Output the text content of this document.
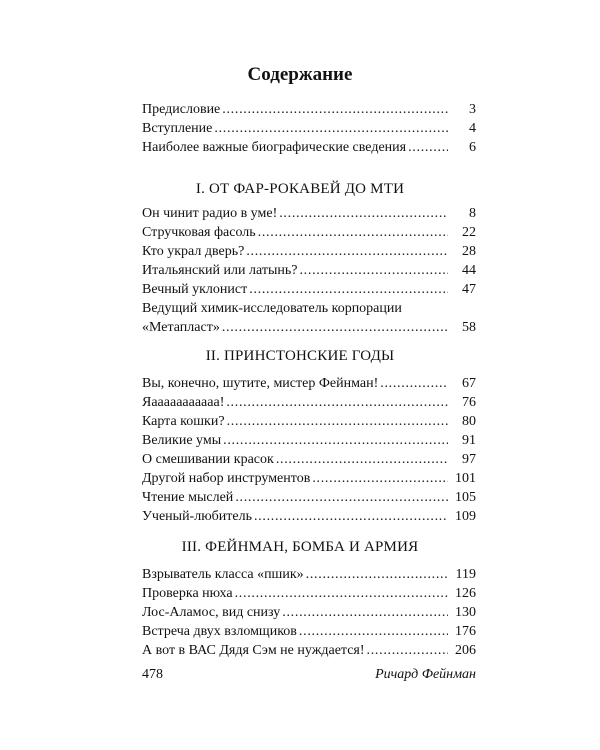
Содержание
Предисловие . . .	3
Вступление . . .	4
Наиболее важные биографические сведения . . .	6
I. ОТ ФАР-РОКАВЕЙ ДО МТИ
Он чинит радио в уме! . . .	8
Стручковая фасоль . . .	22
Кто украл дверь? . . .	28
Итальянский или латынь? . . .	44
Вечный уклонист . . .	47
Ведущий химик-исследователь корпорации
«Метапласт» . . .	58
II. ПРИНСТОНСКИЕ ГОДЫ
Вы, конечно, шутите, мистер Фейнман! . . .	67
Яааааааааааа! . . .	76
Карта кошки? . . .	80
Великие умы . . .	91
О смешивании красок . . .	97
Другой набор инструментов . . .	101
Чтение мыслей . . .	105
Ученый-любитель . . .	109
III. ФЕЙНМАН, БОМБА И АРМИЯ
Взрыватель класса «пшик» . . .	119
Проверка нюха . . .	126
Лос-Аламос, вид снизу . . .	130
Встреча двух взломщиков . . .	176
А вот в ВАС Дядя Сэм не нуждается! . . .	206
478	Ричард Фейнман
